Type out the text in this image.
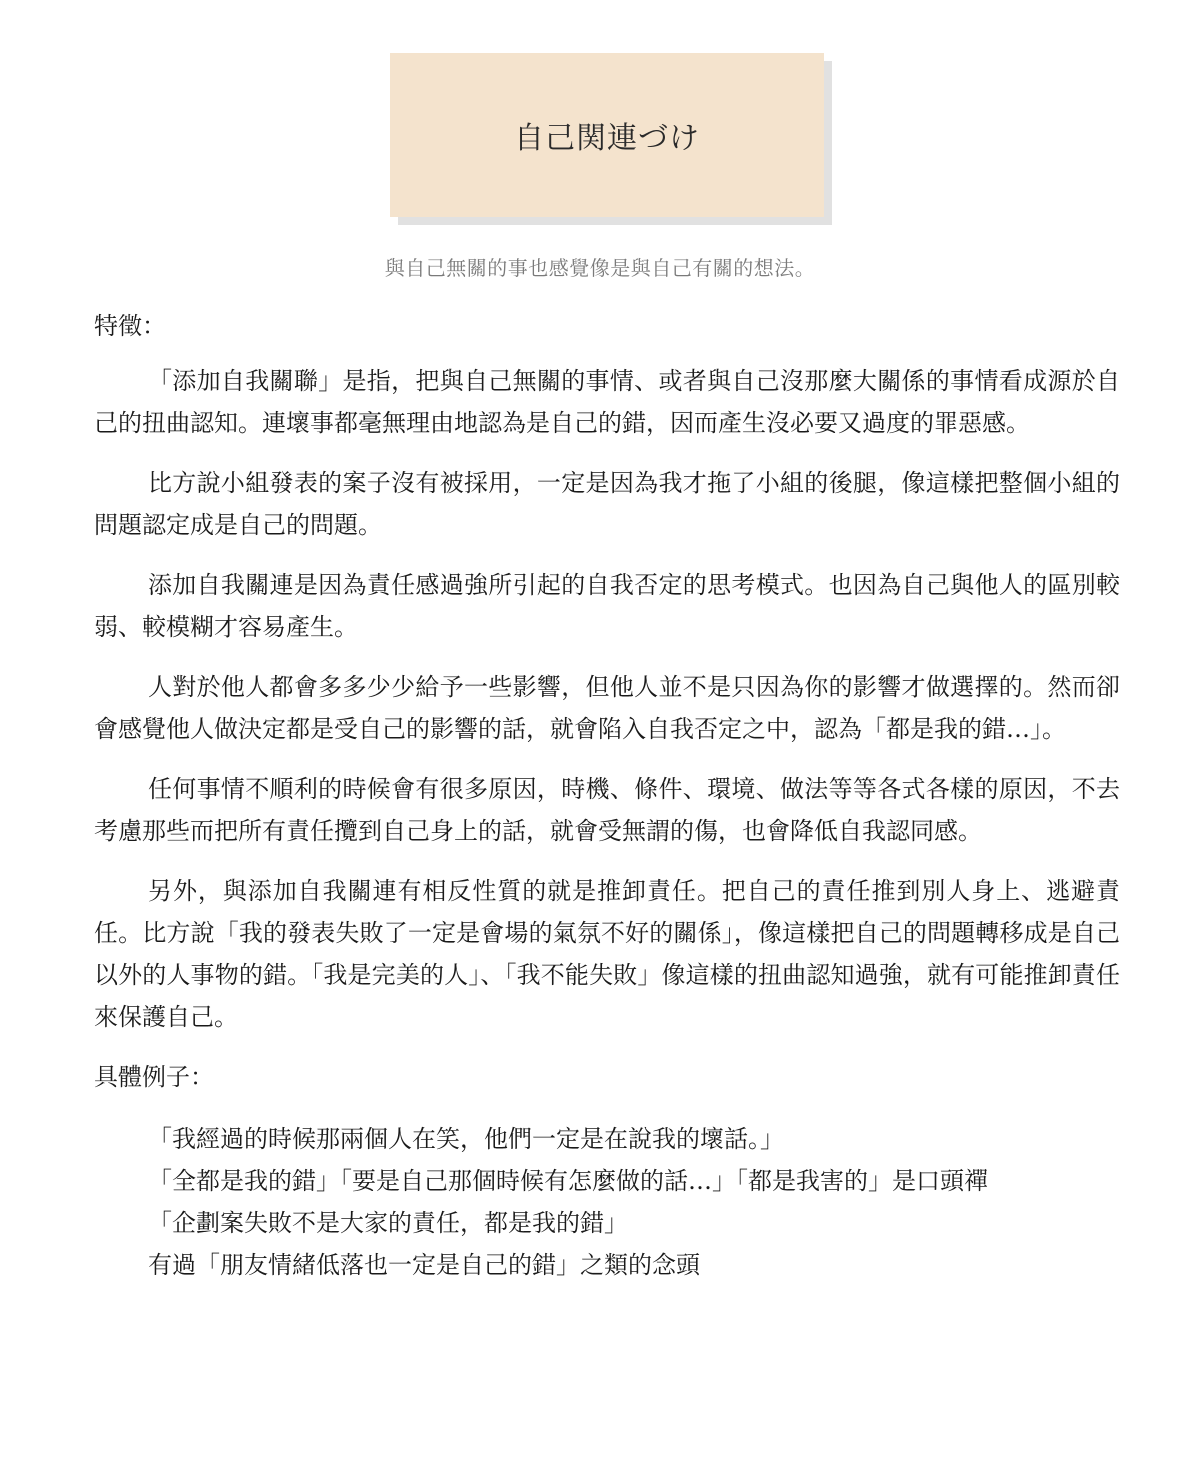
自己関連づけ
與自己無關的事也感覺像是與自己有關的想法。

特徵：

「添加自我關聯」是指，把與自己無關的事情、或者與自己沒那麼大關係的事情看成源於自己的扭曲認知。連壞事都毫無理由地認為是自己的錯，因而產生沒必要又過度的罪惡感。

比方說小組發表的案子沒有被採用，一定是因為我才拖了小組的後腿，像這樣把整個小組的問題認定成是自己的問題。

添加自我關連是因為責任感過強所引起的自我否定的思考模式。也因為自己與他人的區別較弱、較模糊才容易產生。

人對於他人都會多多少少給予一些影響，但他人並不是只因為你的影響才做選擇的。然而卻會感覺他人做決定都是受自己的影響的話，就會陷入自我否定之中，認為「都是我的錯…」。

任何事情不順利的時候會有很多原因，時機、條件、環境、做法等等各式各樣的原因，不去考慮那些而把所有責任攬到自己身上的話，就會受無謂的傷，也會降低自我認同感。

另外，與添加自我關連有相反性質的就是推卸責任。把自己的責任推到別人身上、逃避責任。比方說「我的發表失敗了一定是會場的氣氛不好的關係」，像這樣把自己的問題轉移成是自己以外的人事物的錯。「我是完美的人」、「我不能失敗」像這樣的扭曲認知過強，就有可能推卸責任來保護自己。

具體例子：

「我經過的時候那兩個人在笑，他們一定是在說我的壞話。」

「全都是我的錯」「要是自己那個時候有怎麼做的話…」「都是我害的」是口頭禪

「企劃案失敗不是大家的責任，都是我的錯」

有過「朋友情緒低落也一定是自己的錯」之類的念頭
